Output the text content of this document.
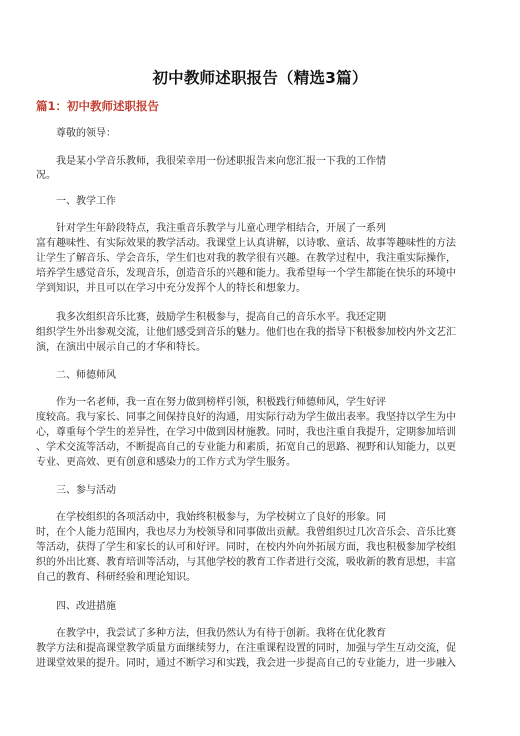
初中教师述职报告（精选3篇）
篇1：初中教师述职报告
尊敬的领导：
我是某小学音乐教师，我很荣幸用一份述职报告来向您汇报一下我的工作情
况。
一、教学工作
针对学生年龄段特点，我注重音乐教学与儿童心理学相结合，开展了一系列
富有趣味性、有实际效果的教学活动。我课堂上认真讲解，以诗歌、童话、故事等趣味性的方法
让学生了解音乐、学会音乐，学生们也对我的教学很有兴趣。在教学过程中，我注重实际操作，
培养学生感觉音乐，发现音乐，创造音乐的兴趣和能力。我希望每一个学生都能在快乐的环境中
学到知识，并且可以在学习中充分发挥个人的特长和想象力。
我多次组织音乐比赛，鼓励学生积极参与，提高自己的音乐水平。我还定期
组织学生外出参观交流，让他们感受到音乐的魅力。他们也在我的指导下积极参加校内外文艺汇
演，在演出中展示自己的才华和特长。
二、师德师风
作为一名老师，我一直在努力做到榜样引领，积极践行师德师风，学生好评
度较高。我与家长、同事之间保持良好的沟通，用实际行动为学生做出表率。我坚持以学生为中
心，尊重每个学生的差异性，在学习中做到因材施教。同时，我也注重自我提升，定期参加培训
、学术交流等活动，不断提高自己的专业能力和素质，拓宽自己的思路、视野和认知能力，以更
专业、更高效、更有创意和感染力的工作方式为学生服务。
三、参与活动
在学校组织的各项活动中，我始终积极参与，为学校树立了良好的形象。同
时，在个人能力范围内，我也尽力为校领导和同事做出贡献。我曾组织过几次音乐会、音乐比赛
等活动，获得了学生和家长的认可和好评。同时，在校内外向外拓展方面，我也积极参加学校组
织的外出比赛、教育培训等活动，与其他学校的教育工作者进行交流，吸收新的教育思想，丰富
自己的教育、科研经验和理论知识。
四、改进措施
在教学中，我尝试了多种方法，但我仍然认为有待于创新。我将在优化教育
教学方法和提高课堂教学质量方面继续努力，在注重课程设置的同时，加强与学生互动交流，促
进课堂效果的提升。同时，通过不断学习和实践，我会进一步提高自己的专业能力，进一步融入
